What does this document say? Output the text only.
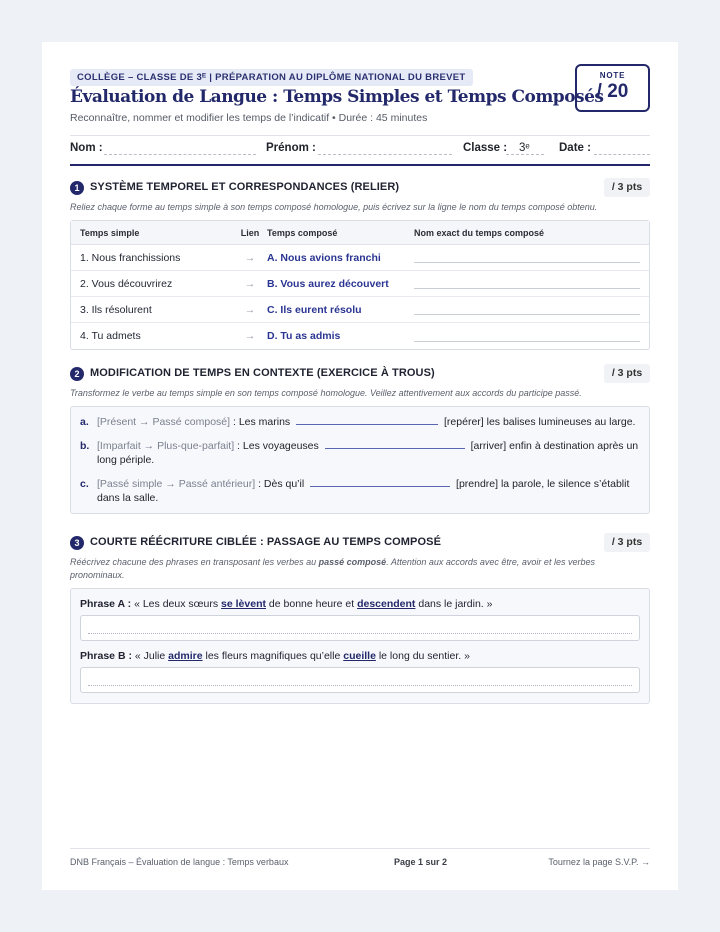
COLLÈGE – CLASSE DE 3ᴱ | PRÉPARATION AU DIPLÔME NATIONAL DU BREVET
Évaluation de Langue : Temps Simples et Temps Composés
Reconnaître, nommer et modifier les temps de l’indicatif • Durée : 45 minutes
NOTE
/ 20
Nom :	Prénom :	Classe : 3ᵉ	Date :
1 SYSTÈME TEMPOREL ET CORRESPONDANCES (RELIER)	/ 3 pts
Reliez chaque forme au temps simple à son temps composé homologue, puis écrivez sur la ligne le nom du temps composé obtenu.
Temps simple	Lien Temps composé	Nom exact du temps composé
1. Nous franchissions	→	A. Nous avions franchi
2. Vous découvrirez	→	B. Vous aurez découvert
3. Ils résolurent	→	C. Ils eurent résolu
4. Tu admets	→	D. Tu as admis
2 MODIFICATION DE TEMPS EN CONTEXTE (EXERCICE À TROUS)	/ 3 pts
Transformez le verbe au temps simple en son temps composé homologue. Veillez attentivement aux accords du participe passé.
a. [Présent → Passé composé] : Les marins	[repérer] les balises lumineuses au large.
b. [Imparfait → Plus-que-parfait] : Les voyageuses	[arriver] enfin à destination après un long périple.
c. [Passé simple → Passé antérieur] : Dès qu’il	[prendre] la parole, le silence s’établit dans la salle.
3 COURTE RÉÉCRITURE CIBLÉE : PASSAGE AU TEMPS COMPOSÉ	/ 3 pts
Réécrivez chacune des phrases en transposant les verbes au passé composé. Attention aux accords avec être, avoir et les verbes pronominaux.
Phrase A : « Les deux sœurs se lèvent de bonne heure et descendent dans le jardin. »
Phrase B : « Julie admire les fleurs magnifiques qu’elle cueille le long du sentier. »
DNB Français – Évaluation de langue : Temps verbaux	Page 1 sur 2	Tournez la page S.V.P. →
